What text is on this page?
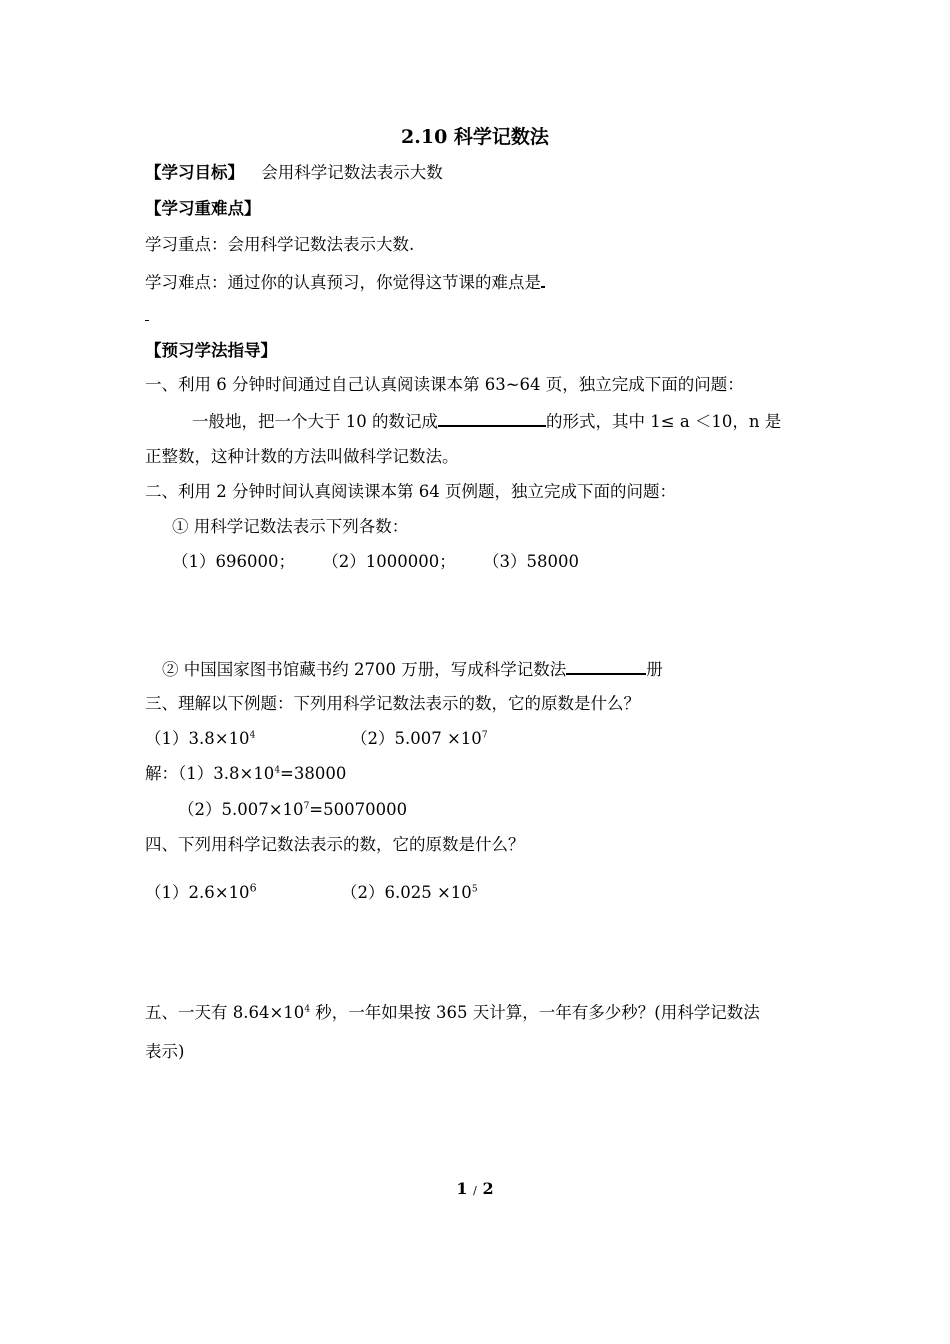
2.10 科学记数法
【学习目标】 会用科学记数法表示大数
【学习重难点】
学习重点：会用科学记数法表示大数.
学习难点：通过你的认真预习，你觉得这节课的难点是
【预习学法指导】
一、利用 6 分钟时间通过自己认真阅读课本第 63~64 页，独立完成下面的问题：
一般地，把一个大于 10 的数记成	的形式，其中 1≤ a ＜10，n 是
正整数，这种计数的方法叫做科学记数法。
二、利用 2 分钟时间认真阅读课本第 64 页例题，独立完成下面的问题：
① 用科学记数法表示下列各数：
（1）696000； （2）1000000； （3）58000
② 中国国家图书馆藏书约 2700 万册，写成科学记数法	册
三、理解以下例题：下列用科学记数法表示的数，它的原数是什么？
$(1)3.8\times 10^4$	$(2)5.007 \times 10^7$
解：$(1)3.8\times 10^4=38000$
$(2)5.007\times 10^7=50070000$
四、下列用科学记数法表示的数，它的原数是什么？
$(1)2.6\times 10^6$	$(2)6.025 \times 10^5$
五、一天有 $8.64\times 10^4$ 秒，一年如果按 365 天计算，一年有多少秒？(用科学记数法
表示)
1 / 2
